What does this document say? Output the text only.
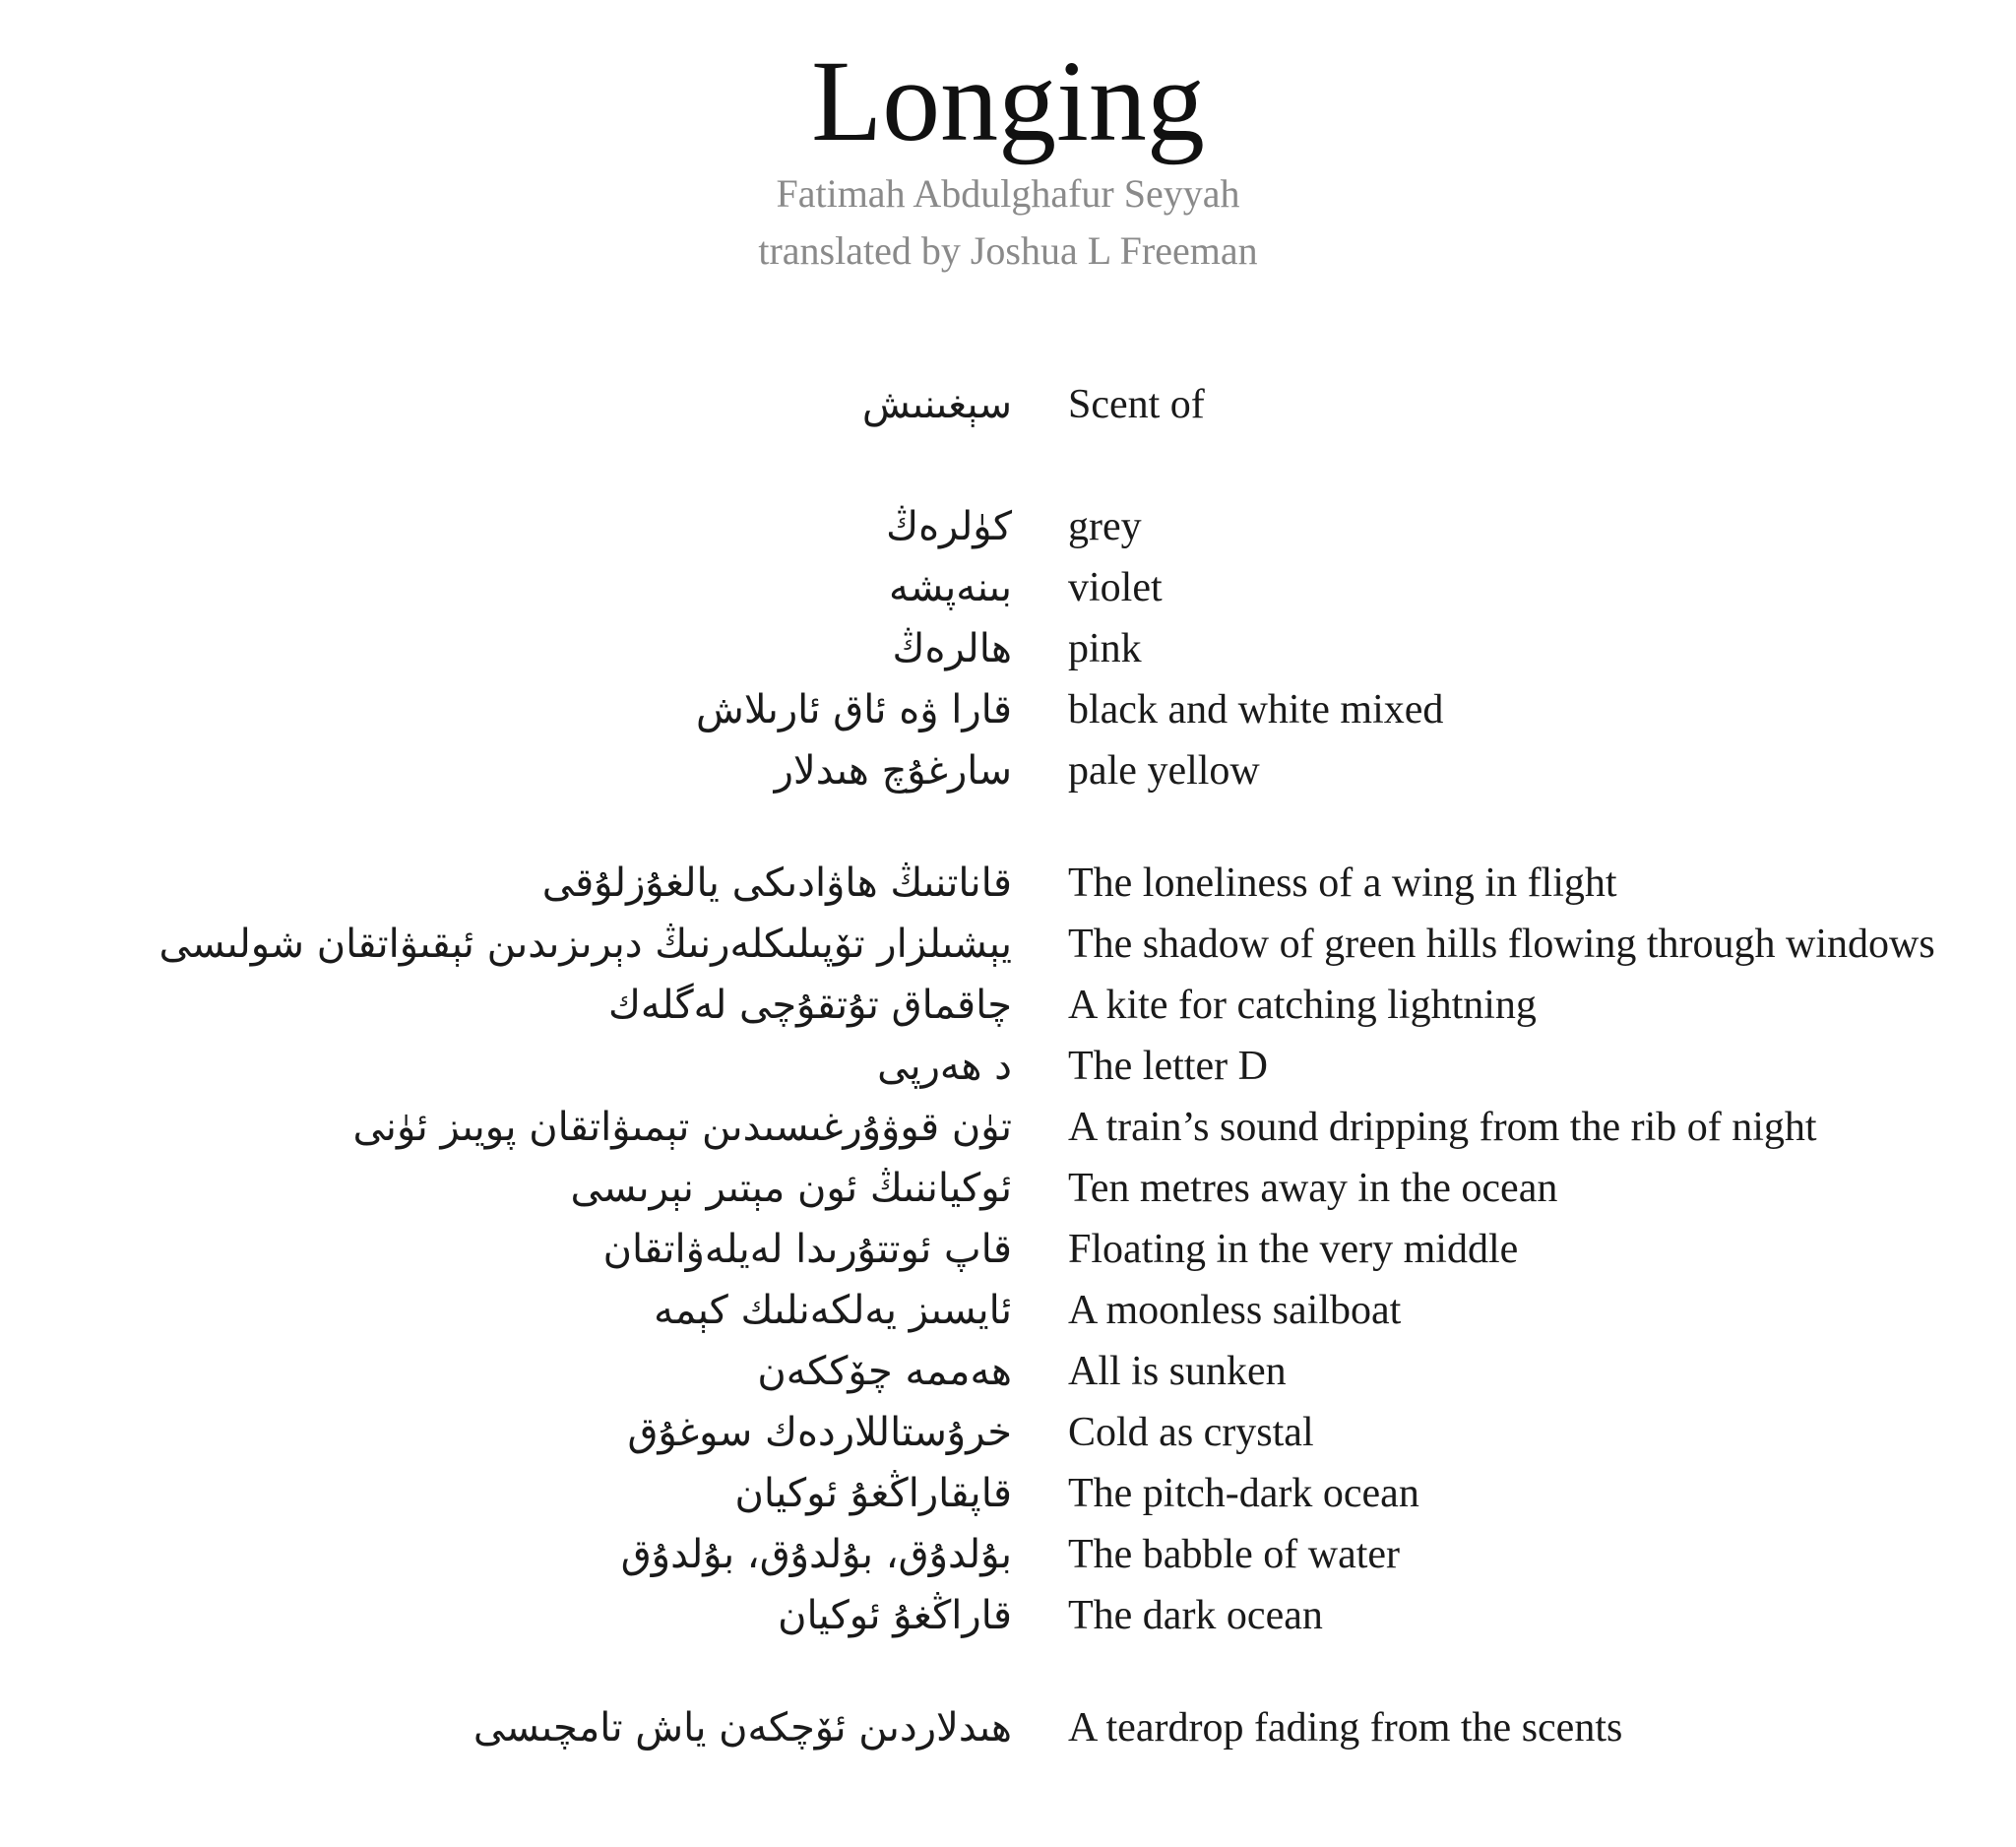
Longing
Fatimah Abdulghafur Seyyah
translated by Joshua L Freeman
سېغىنىش Scent of
كۈلرەڭ grey
بىنەپشە violet
ھالرەڭ pink
قارا ۋە ئاق ئارىلاش black and white mixed
سارغۇچ ھىدلار pale yellow
قاناتنىڭ ھاۋادىكى يالغۇزلۇقى The loneliness of a wing in flight
يېشىلزار تۆپىلىكلەرنىڭ دېرىزىدىن ئېقىۋاتقان شولىسى The shadow of green hills flowing through windows
چاقماق تۇتقۇچى لەگلەك A kite for catching lightning
د ھەرپى The letter D
تۈن قوۋۇرغىسىدىن تېمىۋاتقان پويىز ئۈنى A train’s sound dripping from the rib of night
ئوكياننىڭ ئون مېتىر نېرىسى Ten metres away in the ocean
قاپ ئوتتۇرىدا لەيلەۋاتقان Floating in the very middle
ئايسىز يەلكەنلىك كېمە A moonless sailboat
ھەممە چۆككەن All is sunken
خرۇستاللاردەك سوغۇق Cold as crystal
قاپقاراڭغۇ ئوكيان The pitch-dark ocean
بۇلدۇق، بۇلدۇق، بۇلدۇق The babble of water
قاراڭغۇ ئوكيان The dark ocean
ھىدلاردىن ئۆچكەن ياش تامچىسى A teardrop fading from the scents
